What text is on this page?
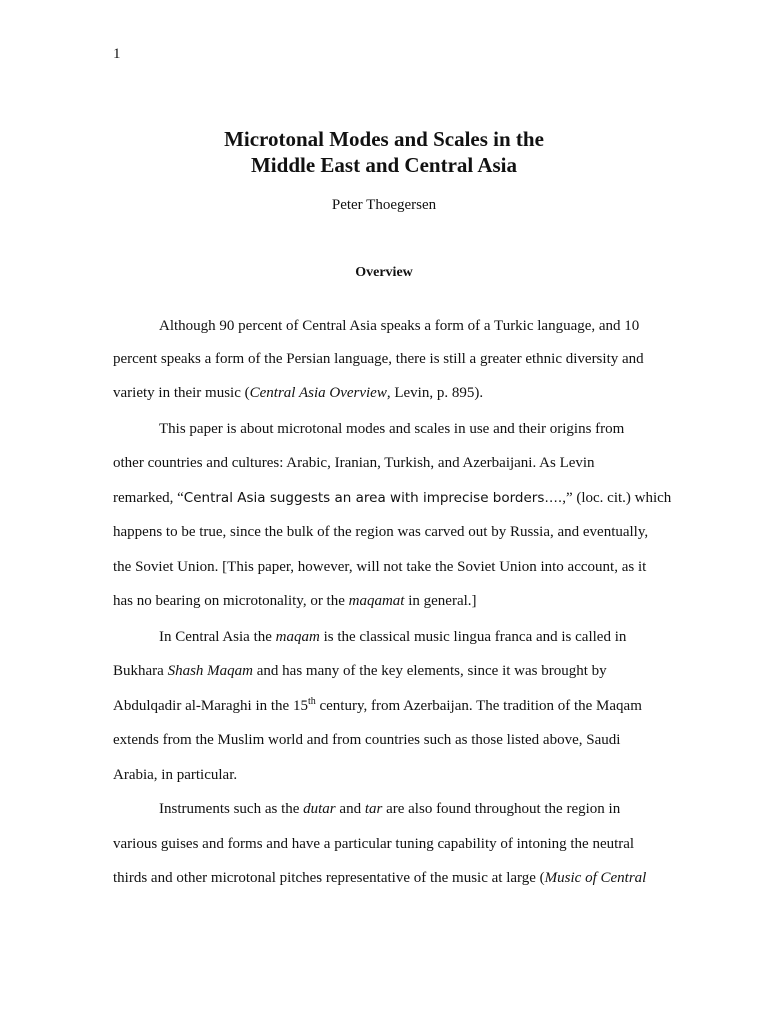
1
Microtonal Modes and Scales in the
Middle East and Central Asia
Peter Thoegersen
Overview
Although 90 percent of Central Asia speaks a form of a Turkic language, and 10
percent speaks a form of the Persian language, there is still a greater ethnic diversity and
variety in their music (Central Asia Overview, Levin, p. 895).
This paper is about microtonal modes and scales in use and their origins from
other countries and cultures: Arabic, Iranian, Turkish, and Azerbaijani. As Levin
remarked, “Central Asia suggests an area with imprecise borders….,” (loc. cit.) which
happens to be true, since the bulk of the region was carved out by Russia, and eventually,
the Soviet Union. [This paper, however, will not take the Soviet Union into account, as it
has no bearing on microtonality, or the maqamat in general.]
In Central Asia the maqam is the classical music lingua franca and is called in
Bukhara Shash Maqam and has many of the key elements, since it was brought by
Abdulqadir al-Maraghi in the 15th century, from Azerbaijan. The tradition of the Maqam
extends from the Muslim world and from countries such as those listed above, Saudi
Arabia, in particular.
Instruments such as the dutar and tar are also found throughout the region in
various guises and forms and have a particular tuning capability of intoning the neutral
thirds and other microtonal pitches representative of the music at large (Music of Central
